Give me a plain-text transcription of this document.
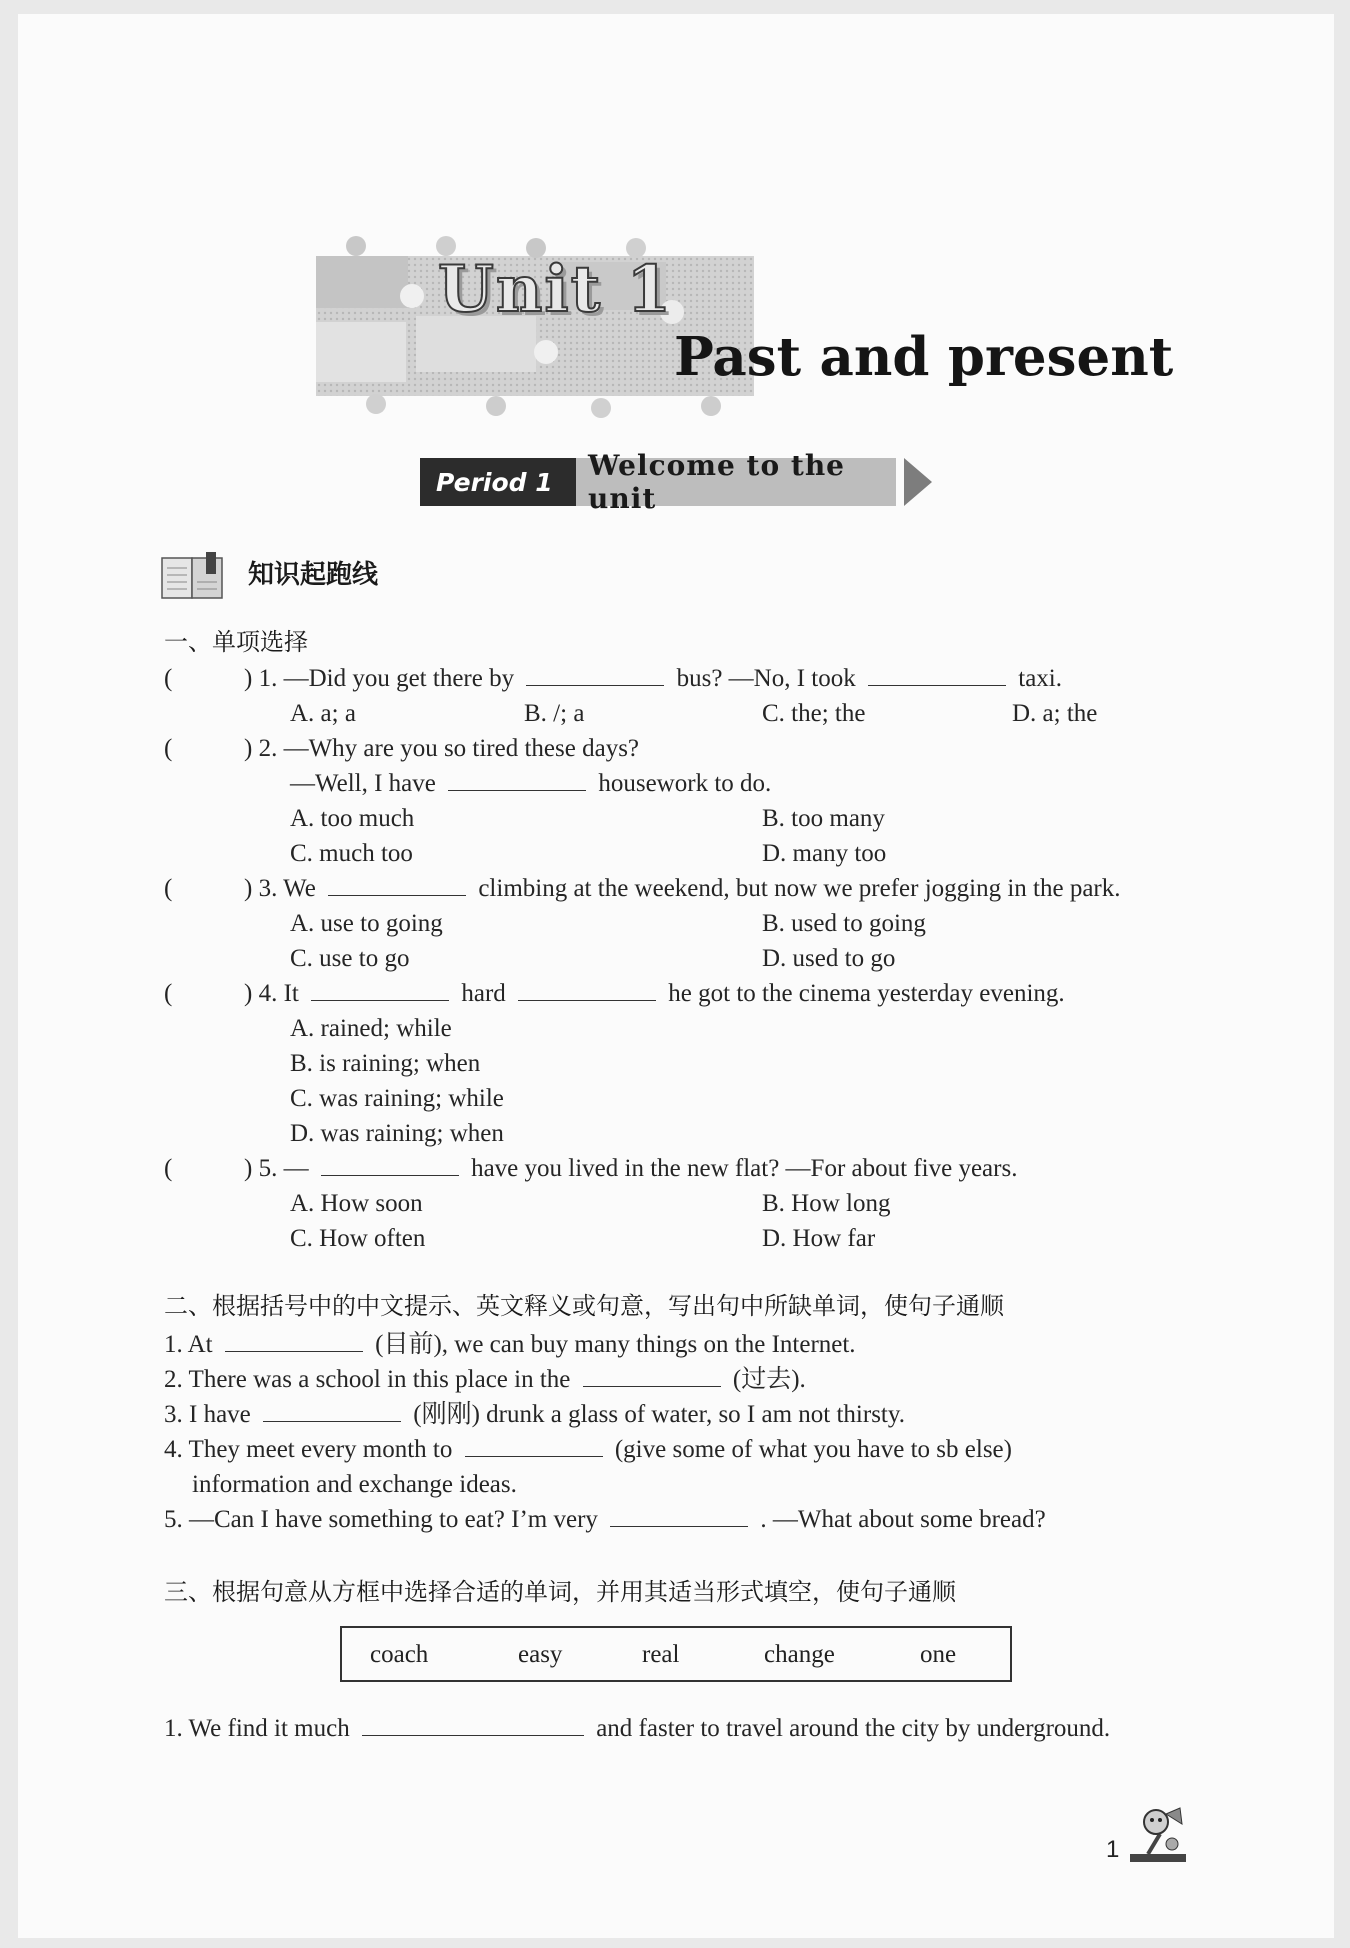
Unit 1
Past and present
Period 1	Welcome to the unit
知识起跑线
一、单项选择
(	) 1. —Did you get there by	bus? —No, I took	taxi.
A. a; a	B. /; a	C. the; the	D. a; the
(	) 2. —Why are you so tired these days?
—Well, I have	housework to do.
A. too much	B. too many
C. much too	D. many too
(	) 3. We	climbing at the weekend, but now we prefer jogging in the park.
A. use to going	B. used to going
C. use to go	D. used to go
(	) 4. It	hard	he got to the cinema yesterday evening.
A. rained; while
B. is raining; when
C. was raining; while
D. was raining; when
(	) 5. —	have you lived in the new flat? —For about five years.
A. How soon	B. How long
C. How often	D. How far
二、根据括号中的中文提示、英文释义或句意，写出句中所缺单词，使句子通顺
1. At	(目前), we can buy many things on the Internet.
2. There was a school in this place in the	(过去).
3. I have	(刚刚) drunk a glass of water, so I am not thirsty.
4. They meet every month to	(give some of what you have to sb else)
information and exchange ideas.
5. —Can I have something to eat? I’m very	. —What about some bread?
三、根据句意从方框中选择合适的单词，并用其适当形式填空，使句子通顺
coach	easy	real	change	one
1. We find it much	and faster to travel around the city by underground.
1
